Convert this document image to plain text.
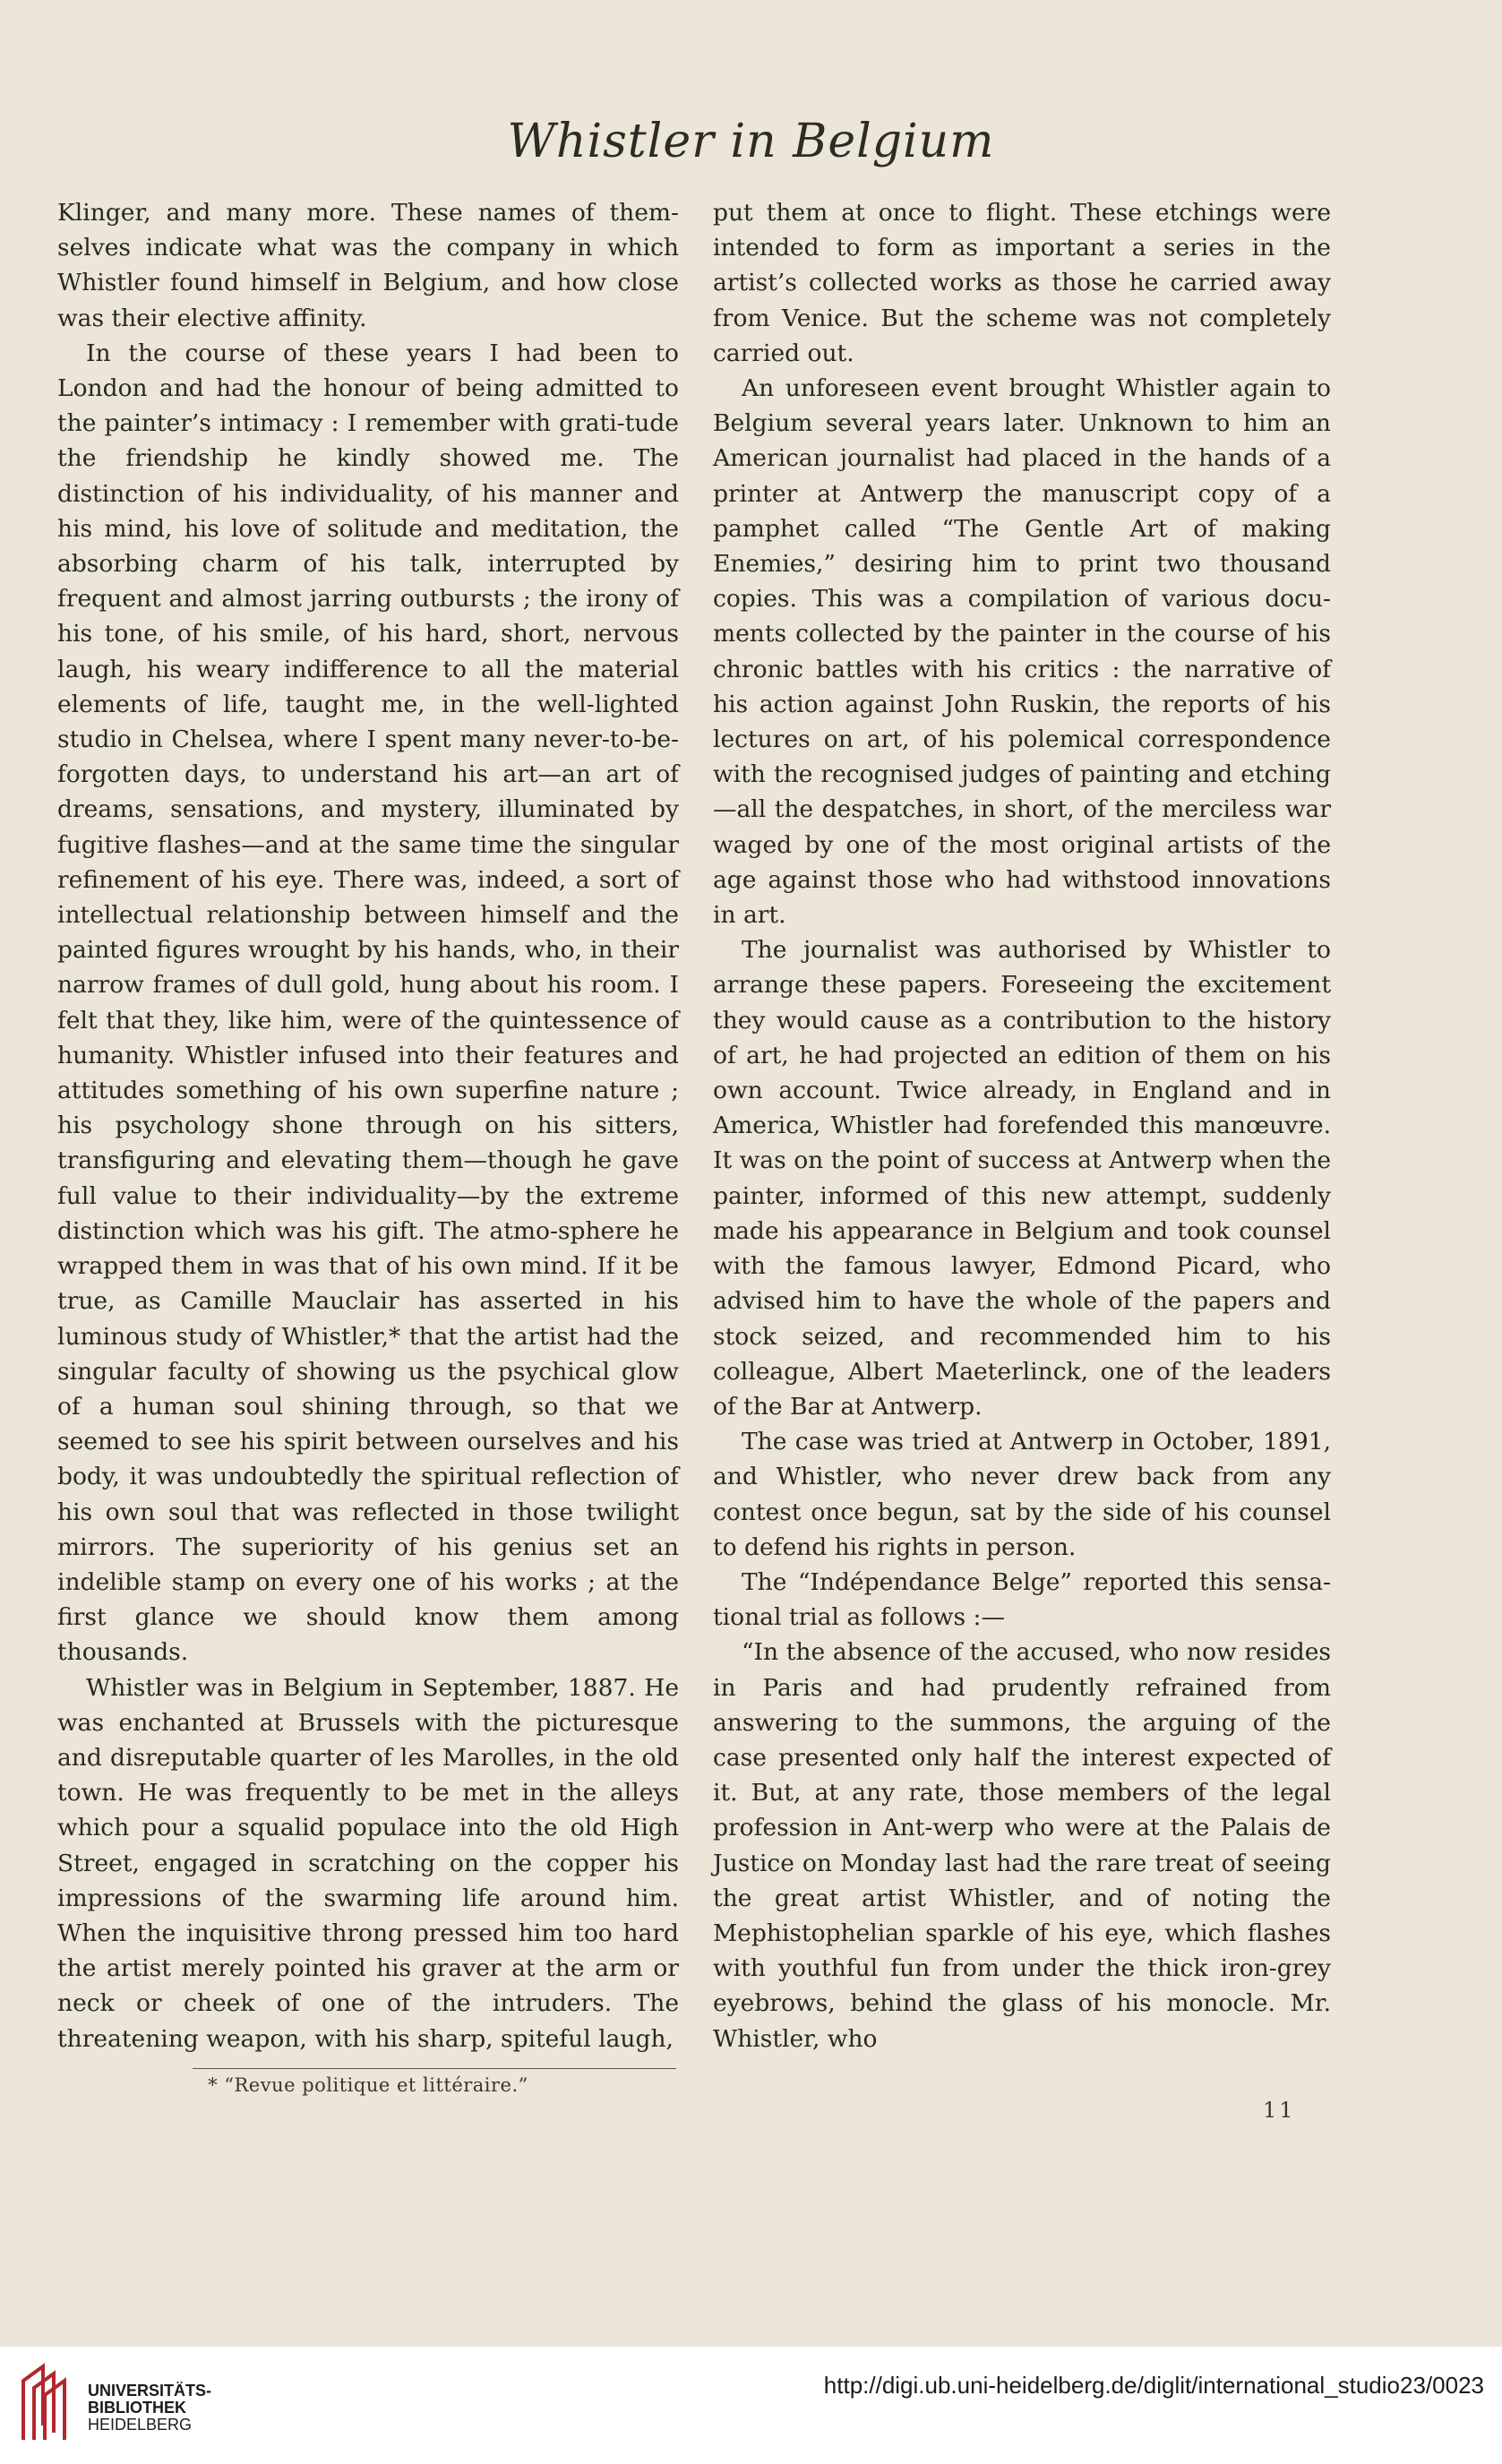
Whistler in Belgium

Klinger, and many more. These names of them-selves indicate what was the company in which Whistler found himself in Belgium, and how close was their elective affinity.

In the course of these years I had been to London and had the honour of being admitted to the painter’s intimacy : I remember with grati-tude the friendship he kindly showed me. The distinction of his individuality, of his manner and his mind, his love of solitude and meditation, the absorbing charm of his talk, interrupted by frequent and almost jarring outbursts ; the irony of his tone, of his smile, of his hard, short, nervous laugh, his weary indifference to all the material elements of life, taught me, in the well-lighted studio in Chelsea, where I spent many never-to-be-forgotten days, to understand his art—an art of dreams, sensations, and mystery, illuminated by fugitive flashes—and at the same time the singular refinement of his eye. There was, indeed, a sort of intellectual relationship between himself and the painted figures wrought by his hands, who, in their narrow frames of dull gold, hung about his room. I felt that they, like him, were of the quintessence of humanity. Whistler infused into their features and attitudes something of his own superfine nature ; his psychology shone through on his sitters, transfiguring and elevating them—though he gave full value to their individuality—by the extreme distinction which was his gift. The atmo-sphere he wrapped them in was that of his own mind. If it be true, as Camille Mauclair has asserted in his luminous study of Whistler,* that the artist had the singular faculty of showing us the psychical glow of a human soul shining through, so that we seemed to see his spirit between ourselves and his body, it was undoubtedly the spiritual reflection of his own soul that was reflected in those twilight mirrors. The superiority of his genius set an indelible stamp on every one of his works ; at the first glance we should know them among thousands.

Whistler was in Belgium in September, 1887. He was enchanted at Brussels with the picturesque and disreputable quarter of les Marolles, in the old town. He was frequently to be met in the alleys which pour a squalid populace into the old High Street, engaged in scratching on the copper his impressions of the swarming life around him. When the inquisitive throng pressed him too hard the artist merely pointed his graver at the arm or neck or cheek of one of the intruders. The threatening weapon, with his sharp, spiteful laugh,

put them at once to flight. These etchings were intended to form as important a series in the artist’s collected works as those he carried away from Venice. But the scheme was not completely carried out.

An unforeseen event brought Whistler again to Belgium several years later. Unknown to him an American journalist had placed in the hands of a printer at Antwerp the manuscript copy of a pamphet called “The Gentle Art of making Enemies,” desiring him to print two thousand copies. This was a compilation of various docu-ments collected by the painter in the course of his chronic battles with his critics : the narrative of his action against John Ruskin, the reports of his lectures on art, of his polemical correspondence with the recognised judges of painting and etching —all the despatches, in short, of the merciless war waged by one of the most original artists of the age against those who had withstood innovations in art.

The journalist was authorised by Whistler to arrange these papers. Foreseeing the excitement they would cause as a contribution to the history of art, he had projected an edition of them on his own account. Twice already, in England and in America, Whistler had forefended this manœuvre. It was on the point of success at Antwerp when the painter, informed of this new attempt, suddenly made his appearance in Belgium and took counsel with the famous lawyer, Edmond Picard, who advised him to have the whole of the papers and stock seized, and recommended him to his colleague, Albert Maeterlinck, one of the leaders of the Bar at Antwerp.

The case was tried at Antwerp in October, 1891, and Whistler, who never drew back from any contest once begun, sat by the side of his counsel to defend his rights in person.

The “Indépendance Belge” reported this sensa-tional trial as follows :—

“In the absence of the accused, who now resides in Paris and had prudently refrained from answering to the summons, the arguing of the case presented only half the interest expected of it. But, at any rate, those members of the legal profession in Ant-werp who were at the Palais de Justice on Monday last had the rare treat of seeing the great artist Whistler, and of noting the Mephistophelian sparkle of his eye, which flashes with youthful fun from under the thick iron-grey eyebrows, behind the glass of his monocle. Mr. Whistler, who

* “Revue politique et littéraire.”
11
UNIVERSITÄTS-
BIBLIOTHEK
HEIDELBERG
http://digi.ub.uni-heidelberg.de/diglit/international_studio23/0023
